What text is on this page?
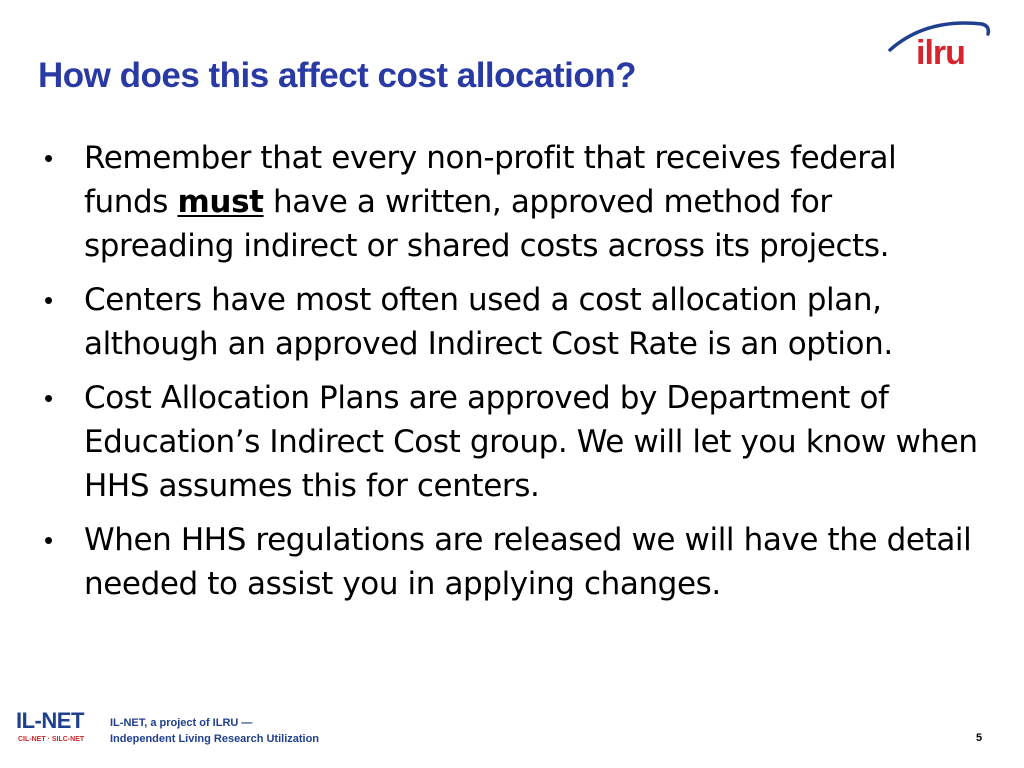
How does this affect cost allocation?
ilru
• Remember that every non-profit that receives federal funds must have a written, approved method for spreading indirect or shared costs across its projects.
• Centers have most often used a cost allocation plan, although an approved Indirect Cost Rate is an option.
• Cost Allocation Plans are approved by Department of Education’s Indirect Cost group. We will let you know when HHS assumes this for centers.
• When HHS regulations are released we will have the detail needed to assist you in applying changes.
IL-NET
CIL-NET · SILC-NET
IL-NET, a project of ILRU —
Independent Living Research Utilization	5
